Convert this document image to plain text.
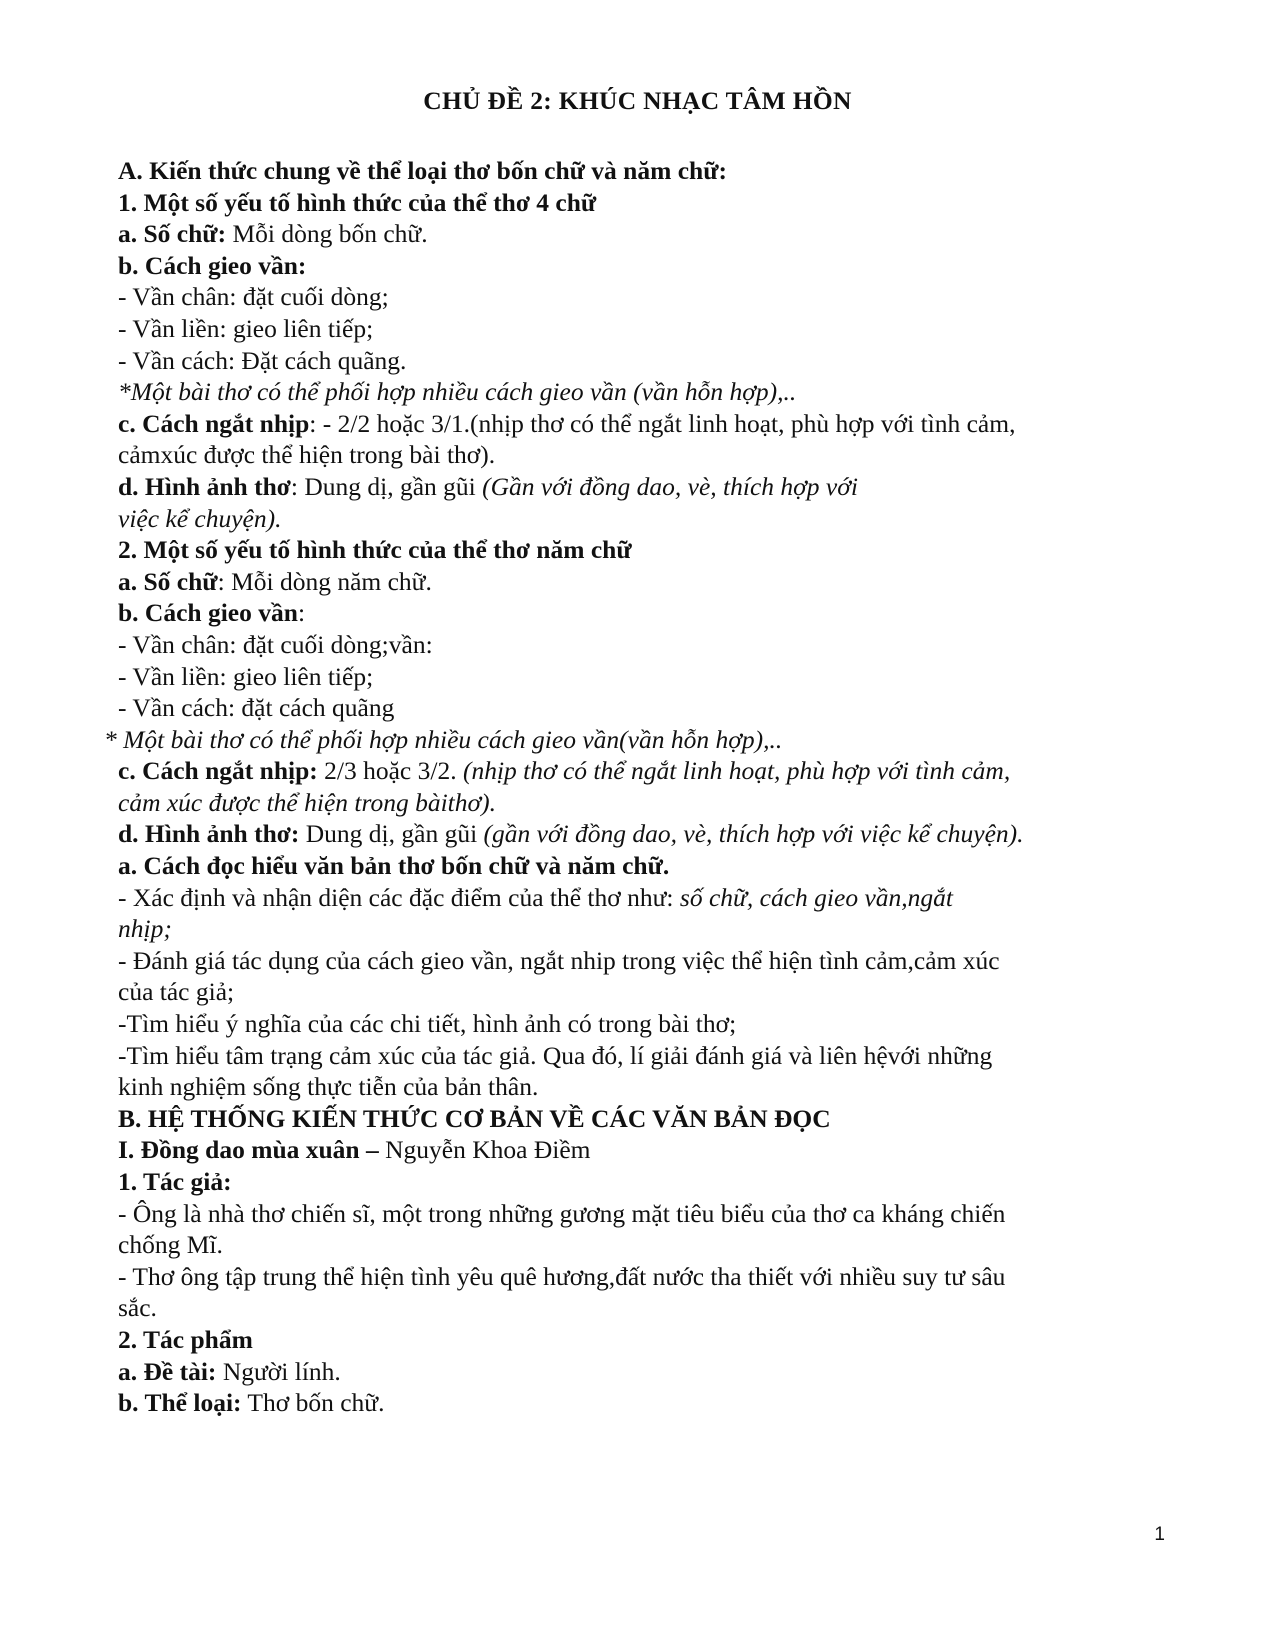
CHỦ ĐỀ 2: KHÚC NHẠC TÂM HỒN
A. Kiến thức chung về thể loại thơ bốn chữ và năm chữ:
1. Một số yếu tố hình thức của thể thơ 4 chữ
a. Số chữ: Mỗi dòng bốn chữ.
b. Cách gieo vần:
- Vần chân: đặt cuối dòng;
- Vần liền: gieo liên tiếp;
- Vần cách: Đặt cách quãng.
*Một bài thơ có thể phối hợp nhiều cách gieo vần (vần hỗn hợp),..
c. Cách ngắt nhịp: - 2/2 hoặc 3/1.(nhịp thơ có thể ngắt linh hoạt, phù hợp với tình cảm,
cảmxúc được thể hiện trong bài thơ).
d. Hình ảnh thơ: Dung dị, gần gũi (Gần với đồng dao, vè, thích hợp với
việc kể chuyện).
2. Một số yếu tố hình thức của thể thơ năm chữ
a. Số chữ: Mỗi dòng năm chữ.
b. Cách gieo vần:
- Vần chân: đặt cuối dòng;vần:
- Vần liền: gieo liên tiếp;
- Vần cách: đặt cách quãng
* Một bài thơ có thể phối hợp nhiều cách gieo vần(vần hỗn hợp),..
c. Cách ngắt nhịp: 2/3 hoặc 3/2. (nhịp thơ có thể ngắt linh hoạt, phù hợp với tình cảm,
cảm xúc được thể hiện trong bàithơ).
d. Hình ảnh thơ: Dung dị, gần gũi (gần với đồng dao, vè, thích hợp với việc kể chuyện).
a. Cách đọc hiểu văn bản thơ bốn chữ và năm chữ.
- Xác định và nhận diện các đặc điểm của thể thơ như: số chữ, cách gieo vần,ngắt
nhịp;
- Đánh giá tác dụng của cách gieo vần, ngắt nhip trong việc thể hiện tình cảm,cảm xúc
của tác giả;
-Tìm hiểu ý nghĩa của các chi tiết, hình ảnh có trong bài thơ;
-Tìm hiểu tâm trạng cảm xúc của tác giả. Qua đó, lí giải đánh giá và liên hệvới những
kinh nghiệm sống thực tiễn của bản thân.
B. HỆ THỐNG KIẾN THỨC CƠ BẢN VỀ CÁC VĂN BẢN ĐỌC
I. Đồng dao mùa xuân – Nguyễn Khoa Điềm
1. Tác giả:
- Ông là nhà thơ chiến sĩ, một trong những gương mặt tiêu biểu của thơ ca kháng chiến
chống Mĩ.
- Thơ ông tập trung thể hiện tình yêu quê hương,đất nước tha thiết với nhiều suy tư sâu
sắc.
2. Tác phẩm
a. Đề tài: Người lính.
b. Thể loại: Thơ bốn chữ.
1
